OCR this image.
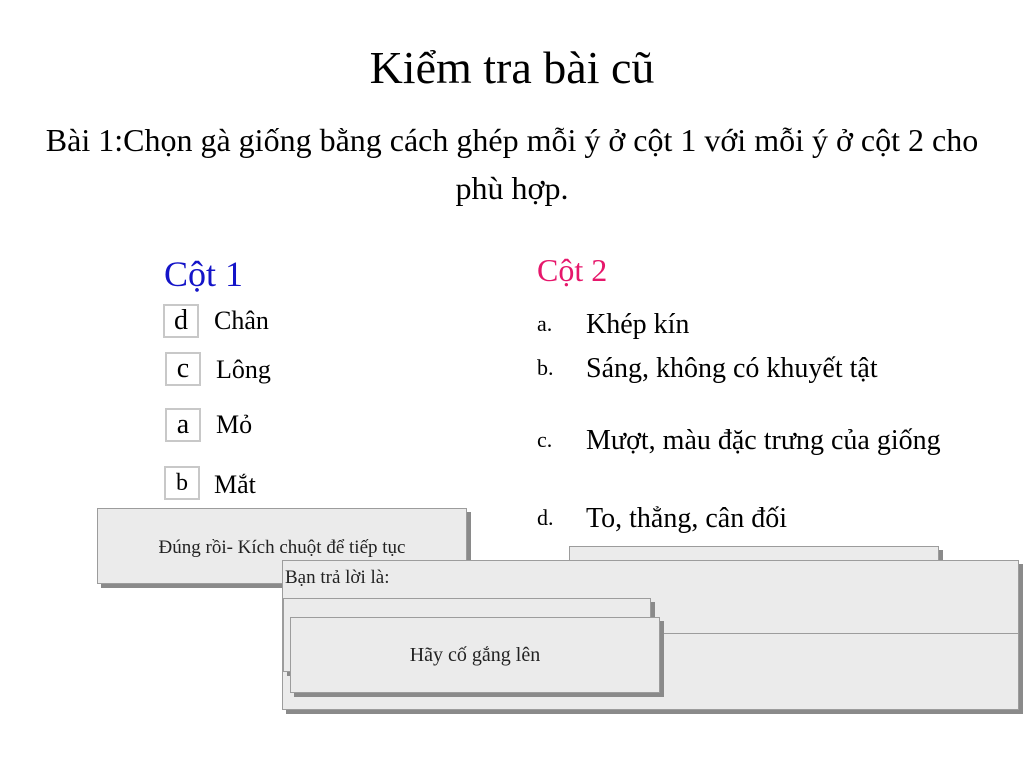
Kiểm tra bài cũ
Bài 1:Chọn gà giống bằng cách ghép mỗi ý ở cột 1 với mỗi ý ở cột 2 cho phù hợp.
Cột 1
d	Chân
c	Lông
a	Mỏ
b	Mắt
Cột 2
a. Khép kín
b. Sáng, không có khuyết tật
c. Mượt, màu đặc trưng của giống
d. To, thẳng, cân đối
Đúng rồi- Kích chuột để tiếp tục
Bạn trả lời là:
Hãy cố gắng lên
